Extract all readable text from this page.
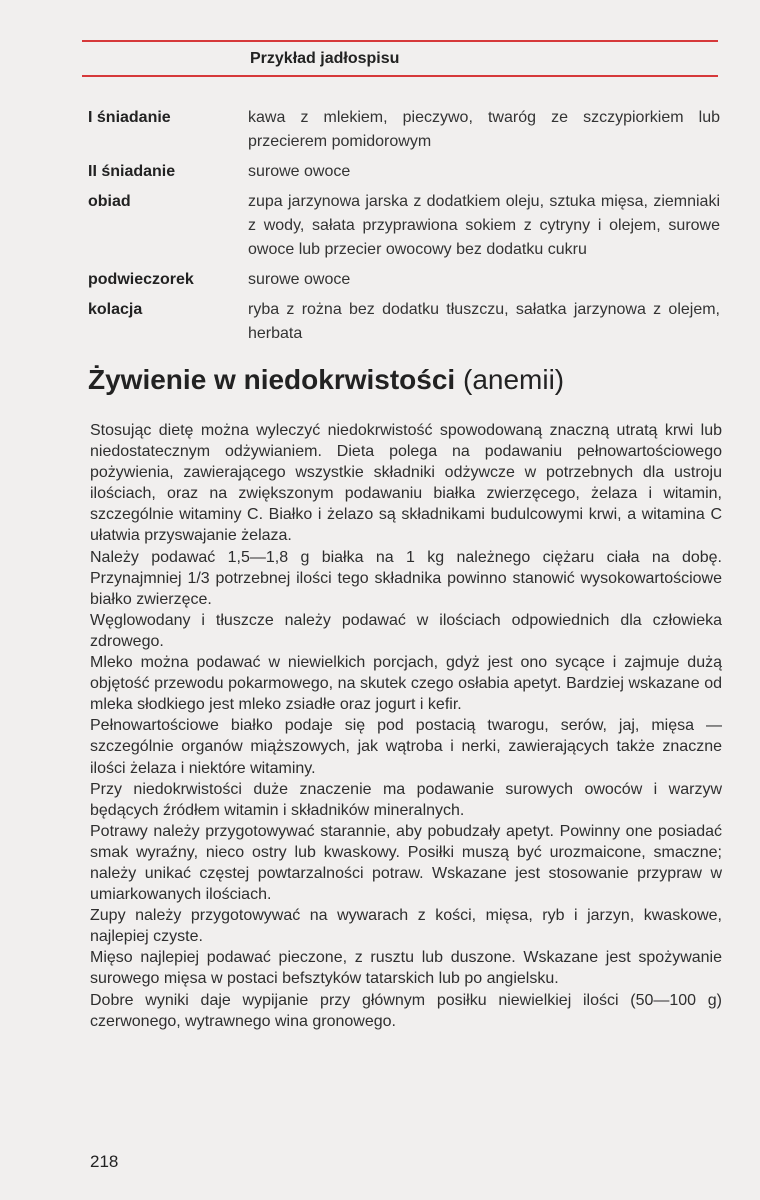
Przykład jadłospisu
I śniadanie	kawa z mlekiem, pieczywo, twaróg ze szczypiorkiem lub przecierem pomidorowym
II śniadanie	surowe owoce
obiad	zupa jarzynowa jarska z dodatkiem oleju, sztuka mięsa, ziemniaki z wody, sałata przyprawiona sokiem z cytryny i olejem, surowe owoce lub przecier owocowy bez dodatku cukru
podwieczorek	surowe owoce
kolacja	ryba z rożna bez dodatku tłuszczu, sałatka jarzynowa z olejem, herbata
Żywienie w niedokrwistości (anemii)

Stosując dietę można wyleczyć niedokrwistość spowodowaną znaczną utratą krwi lub niedostatecznym odżywianiem. Dieta polega na podawaniu pełnowartościowego pożywienia, zawierającego wszystkie składniki odżywcze w potrzebnych dla ustroju ilościach, oraz na zwiększonym podawaniu białka zwierzęcego, żelaza i witamin, szczególnie witaminy C. Białko i żelazo są składnikami budulcowymi krwi, a witamina C ułatwia przyswajanie żelaza.

Należy podawać 1,5—1,8 g białka na 1 kg należnego ciężaru ciała na dobę. Przynajmniej 1/3 potrzebnej ilości tego składnika powinno stanowić wysokowartościowe białko zwierzęce.

Węglowodany i tłuszcze należy podawać w ilościach odpowiednich dla człowieka zdrowego.

Mleko można podawać w niewielkich porcjach, gdyż jest ono sycące i zajmuje dużą objętość przewodu pokarmowego, na skutek czego osłabia apetyt. Bardziej wskazane od mleka słodkiego jest mleko zsiadłe oraz jogurt i kefir.

Pełnowartościowe białko podaje się pod postacią twarogu, serów, jaj, mięsa — szczególnie organów miąższowych, jak wątroba i nerki, zawierających także znaczne ilości żelaza i niektóre witaminy.

Przy niedokrwistości duże znaczenie ma podawanie surowych owoców i warzyw będących źródłem witamin i składników mineralnych.

Potrawy należy przygotowywać starannie, aby pobudzały apetyt. Powinny one posiadać smak wyraźny, nieco ostry lub kwaskowy. Posiłki muszą być urozmaicone, smaczne; należy unikać częstej powtarzalności potraw. Wskazane jest stosowanie przypraw w umiarkowanych ilościach.

Zupy należy przygotowywać na wywarach z kości, mięsa, ryb i jarzyn, kwaskowe, najlepiej czyste.

Mięso najlepiej podawać pieczone, z rusztu lub duszone. Wskazane jest spożywanie surowego mięsa w postaci befsztyków tatarskich lub po angielsku.

Dobre wyniki daje wypijanie przy głównym posiłku niewielkiej ilości (50—100 g) czerwonego, wytrawnego wina gronowego.

218
